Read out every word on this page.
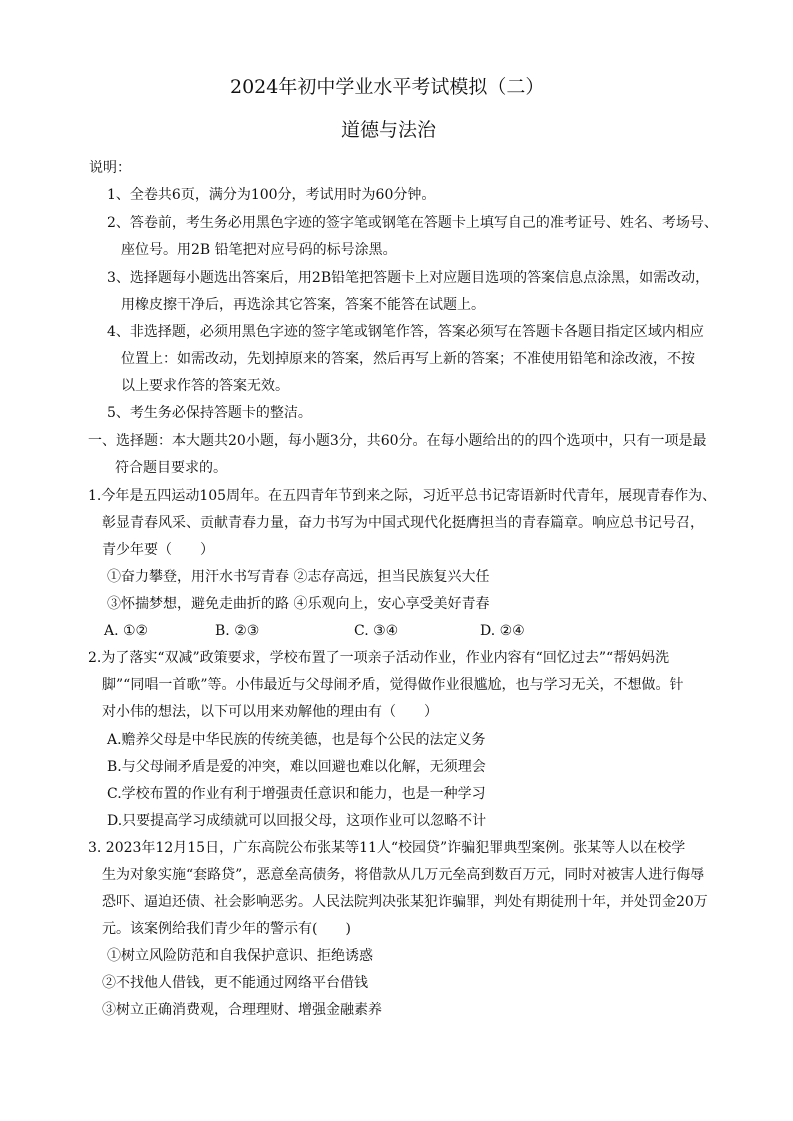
2024年初中学业水平考试模拟（二）
道德与法治
说明：
1、全卷共6页，满分为100分，考试用时为60分钟。
2、答卷前，考生务必用黑色字迹的签字笔或钢笔在答题卡上填写自己的准考证号、姓名、考场号、
座位号。用2B 铅笔把对应号码的标号涂黑。
3、选择题每小题选出答案后，用2B铅笔把答题卡上对应题目选项的答案信息点涂黑，如需改动，
用橡皮擦干净后，再选涂其它答案，答案不能答在试题上。
4、非选择题，必须用黑色字迹的签字笔或钢笔作答，答案必须写在答题卡各题目指定区域内相应
位置上：如需改动，先划掉原来的答案，然后再写上新的答案；不准使用铅笔和涂改液，不按
以上要求作答的答案无效。
5、考生务必保持答题卡的整洁。
一、选择题：本大题共20小题，每小题3分，共60分。在每小题给出的的四个选项中，只有一项是最
符合题目要求的。
1.今年是五四运动105周年。在五四青年节到来之际，习近平总书记寄语新时代青年，展现青春作为、
彰显青春风采、贡献青春力量，奋力书写为中国式现代化挺膺担当的青春篇章。响应总书记号召，
青少年要（　　）
①奋力攀登，用汗水书写青春 ②志存高远，担当民族复兴大任
③怀揣梦想，避免走曲折的路 ④乐观向上，安心享受美好青春
A. ①②	B. ②③	C. ③④	D. ②④
2.为了落实“双减”政策要求，学校布置了一项亲子活动作业，作业内容有“回忆过去”“帮妈妈洗
脚”“同唱一首歌”等。小伟最近与父母闹矛盾，觉得做作业很尴尬，也与学习无关，不想做。针
对小伟的想法，以下可以用来劝解他的理由有（　　）
A.赡养父母是中华民族的传统美德，也是每个公民的法定义务
B.与父母闹矛盾是爱的冲突，难以回避也难以化解，无须理会
C.学校布置的作业有利于增强责任意识和能力，也是一种学习
D.只要提高学习成绩就可以回报父母，这项作业可以忽略不计
3. 2023年12月15日，广东高院公布张某等11人“校园贷”诈骗犯罪典型案例。张某等人以在校学
生为对象实施“套路贷”，恶意垒高债务，将借款从几万元垒高到数百万元，同时对被害人进行侮辱
恐吓、逼迫还债、社会影响恶劣。人民法院判决张某犯诈骗罪，判处有期徒刑十年，并处罚金20万
元。该案例给我们青少年的警示有(　　)
①树立风险防范和自我保护意识、拒绝诱惑
②不找他人借钱，更不能通过网络平台借钱
③树立正确消费观，合理理财、增强金融素养
